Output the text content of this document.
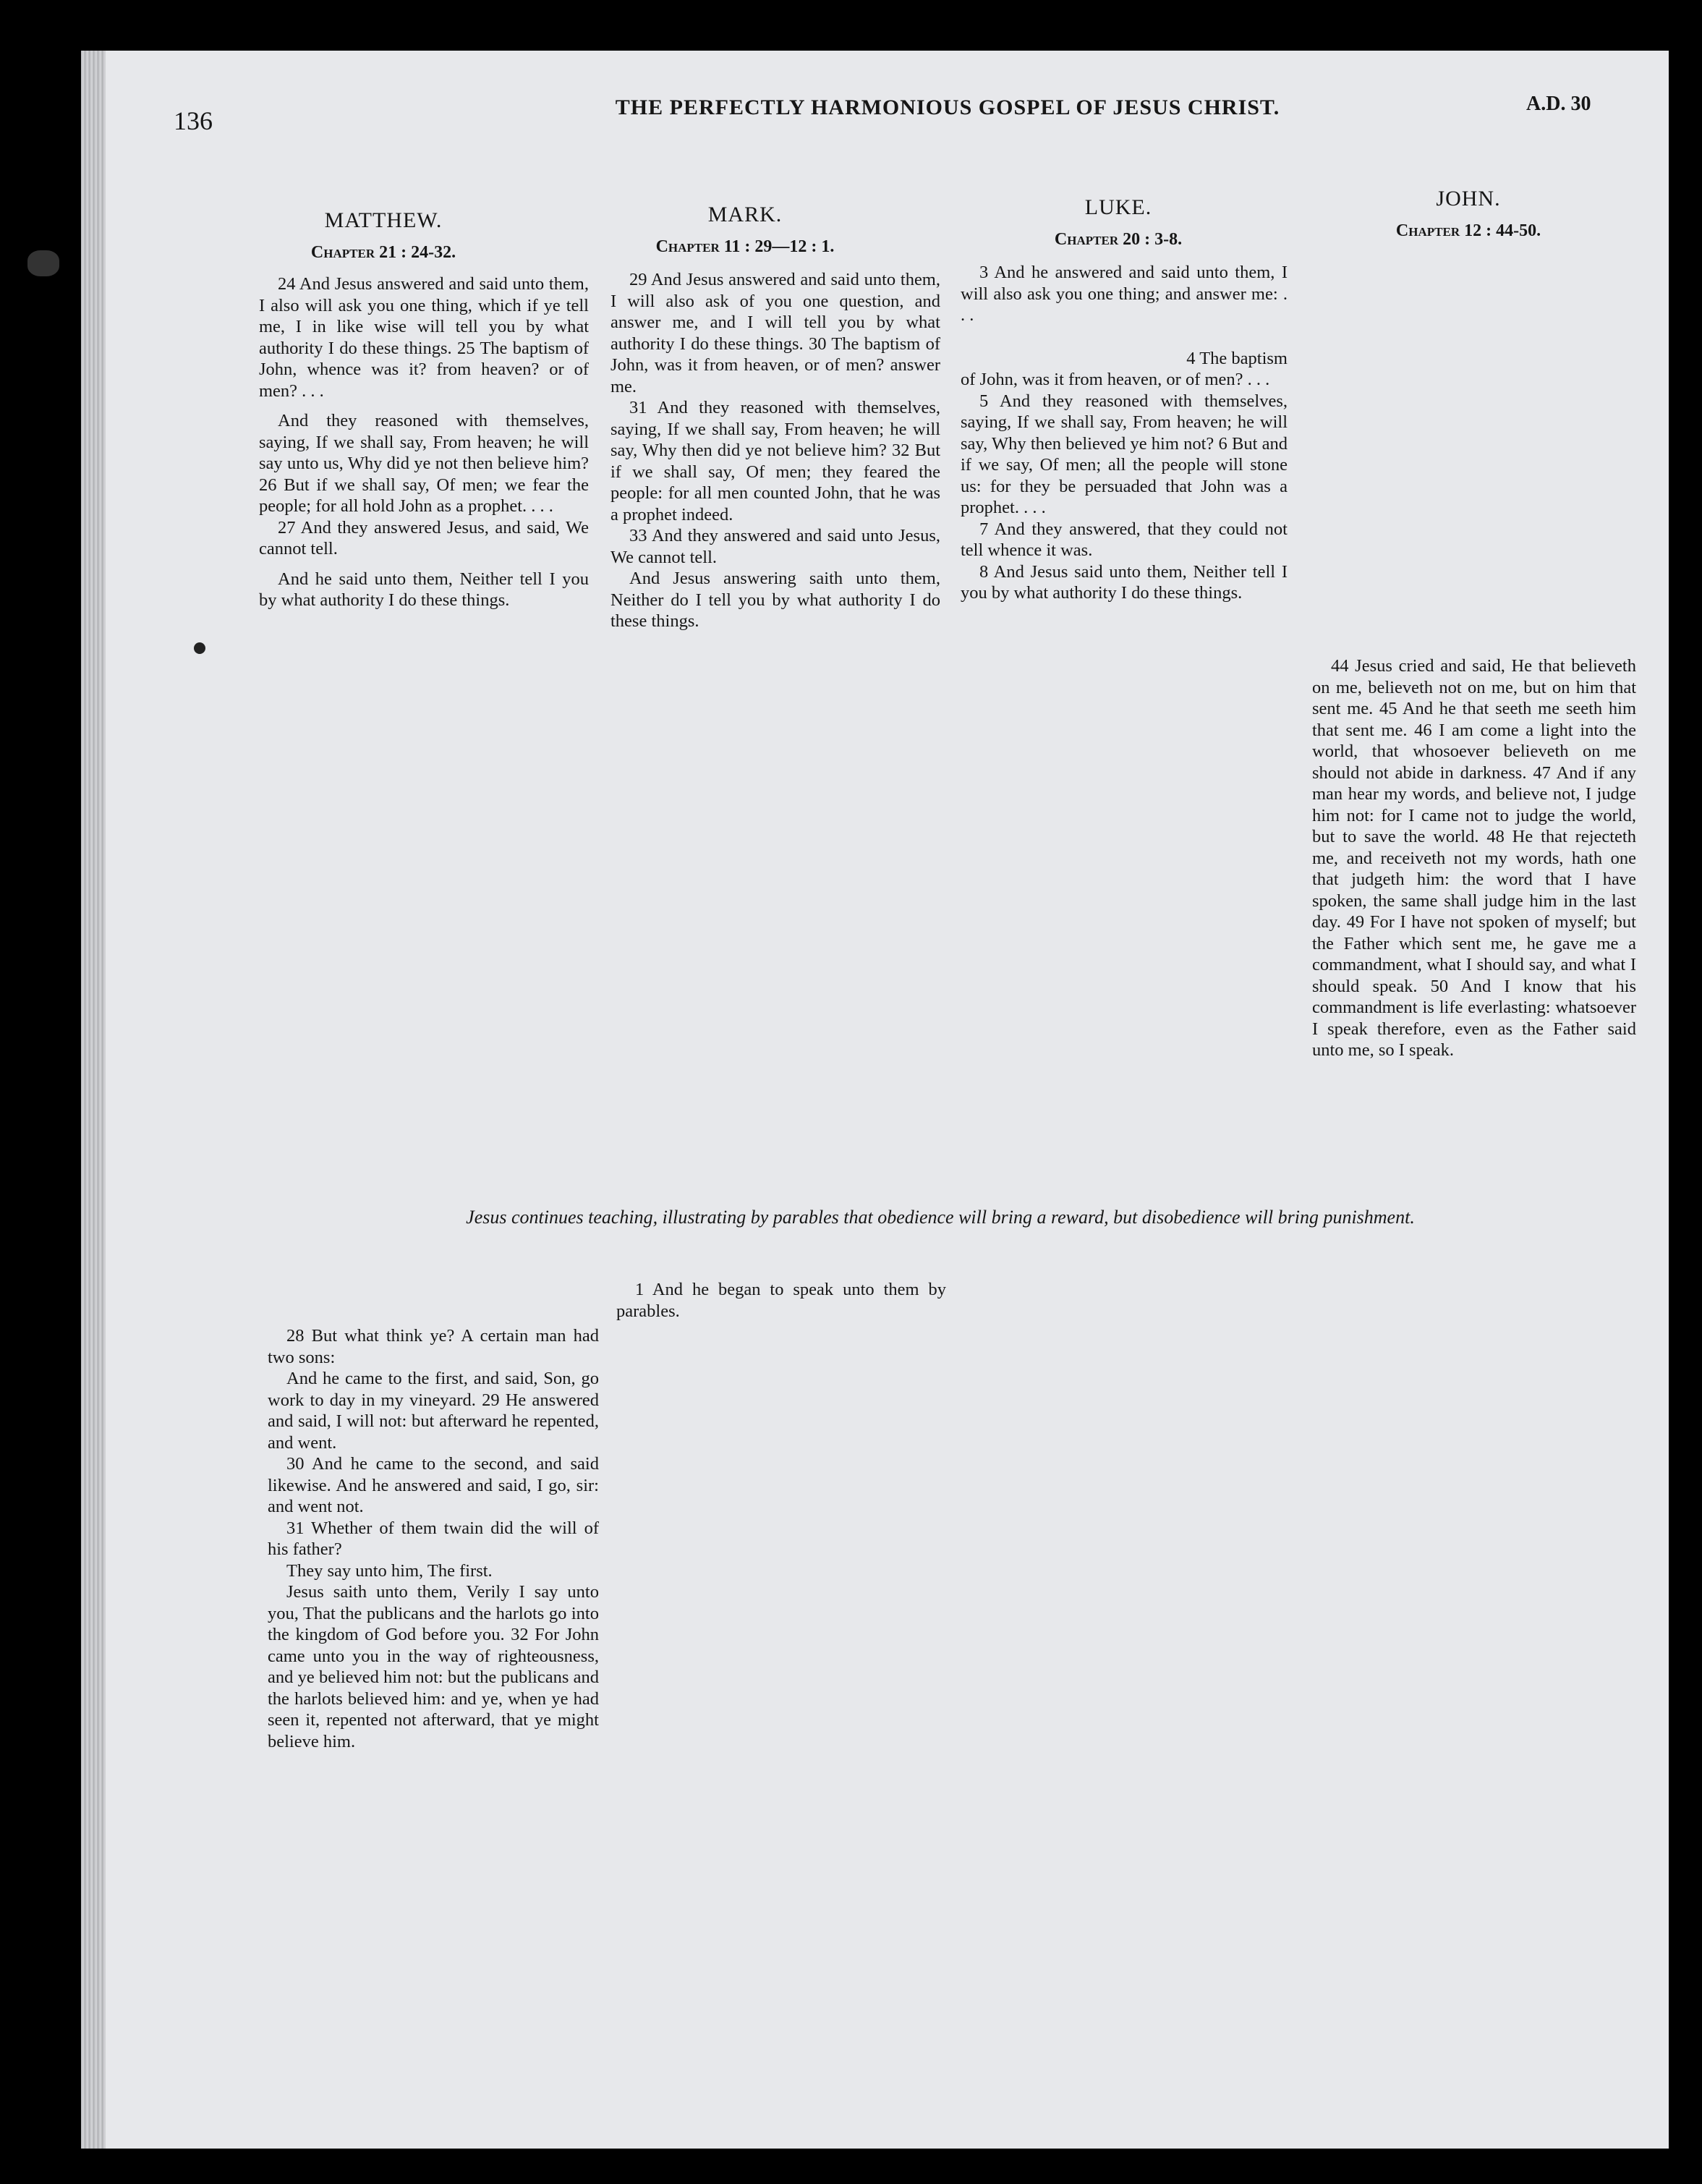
136	THE PERFECTLY HARMONIOUS GOSPEL OF JESUS CHRIST.	A.D. 30
MATTHEW.
Chapter 21 : 24-32.
MARK.
Chapter 11 : 29—12 : 1.
LUKE.
Chapter 20 : 3-8.
JOHN.
Chapter 12 : 44-50.

24 And Jesus answered and said unto them, I also will ask you one thing, which if ye tell me, I in like wise will tell you by what authority I do these things. 25 The baptism of John, whence was it? from heaven? or of men? . . .

And they reasoned with themselves, saying, If we shall say, From heaven; he will say unto us, Why did ye not then believe him? 26 But if we shall say, Of men; we fear the people; for all hold John as a prophet. . . .

27 And they answered Jesus, and said, We cannot tell.

And he said unto them, Neither tell I you by what authority I do these things.

29 And Jesus answered and said unto them, I will also ask of you one question, and answer me, and I will tell you by what authority I do these things. 30 The baptism of John, was it from heaven, or of men? answer me.

31 And they reasoned with themselves, saying, If we shall say, From heaven; he will say, Why then did ye not believe him? 32 But if we shall say, Of men; they feared the people: for all men counted John, that he was a prophet indeed.

33 And they answered and said unto Jesus, We cannot tell.

And Jesus answering saith unto them, Neither do I tell you by what authority I do these things.

3 And he answered and said unto them, I will also ask you one thing; and answer me: . . .

4 The baptism

of John, was it from heaven, or of men? . . .

5 And they reasoned with themselves, saying, If we shall say, From heaven; he will say, Why then believed ye him not? 6 But and if we say, Of men; all the people will stone us: for they be persuaded that John was a prophet. . . .

7 And they answered, that they could not tell whence it was.

8 And Jesus said unto them, Neither tell I you by what authority I do these things.

44 Jesus cried and said, He that believeth on me, believeth not on me, but on him that sent me. 45 And he that seeth me seeth him that sent me. 46 I am come a light into the world, that whosoever believeth on me should not abide in darkness. 47 And if any man hear my words, and believe not, I judge him not: for I came not to judge the world, but to save the world. 48 He that rejecteth me, and receiveth not my words, hath one that judgeth him: the word that I have spoken, the same shall judge him in the last day. 49 For I have not spoken of myself; but the Father which sent me, he gave me a commandment, what I should say, and what I should speak. 50 And I know that his commandment is life everlasting: whatsoever I speak therefore, even as the Father said unto me, so I speak.

Jesus continues teaching, illustrating by parables that obedience will bring a reward, but disobedience will bring punishment.

1 And he began to speak unto them by parables.

28 But what think ye? A certain man had two sons:

And he came to the first, and said, Son, go work to day in my vineyard. 29 He answered and said, I will not: but afterward he repented, and went.

30 And he came to the second, and said likewise. And he answered and said, I go, sir: and went not.

31 Whether of them twain did the will of his father?

They say unto him, The first.

Jesus saith unto them, Verily I say unto you, That the publicans and the harlots go into the kingdom of God before you. 32 For John came unto you in the way of righteousness, and ye believed him not: but the publicans and the harlots believed him: and ye, when ye had seen it, repented not afterward, that ye might believe him.
